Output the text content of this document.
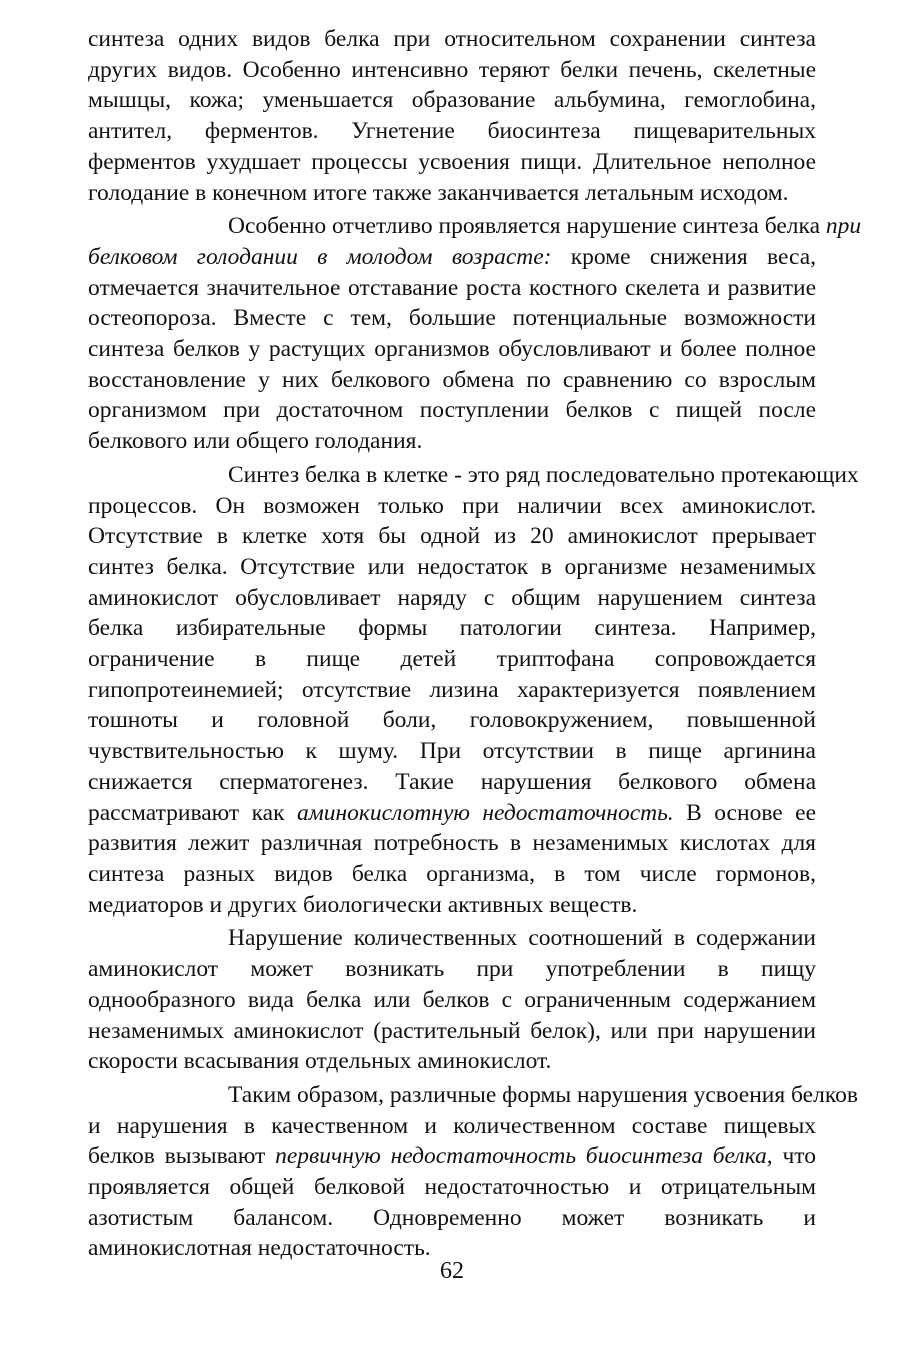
синтеза одних видов белка при относительном сохранении синтеза
других видов. Особенно интенсивно теряют белки печень, скелетные
мышцы, кожа; уменьшается образование альбумина, гемоглобина,
антител, ферментов. Угнетение биосинтеза пищеварительных
ферментов ухудшает процессы усвоения пищи. Длительное неполное
голодание в конечном итоге также заканчивается летальным исходом.
Особенно отчетливо проявляется нарушение синтеза белка при
белковом голодании в молодом возрасте: кроме снижения веса,
отмечается значительное отставание роста костного скелета и развитие
остеопороза. Вместе с тем, большие потенциальные возможности
синтеза белков у растущих организмов обусловливают и более полное
восстановление у них белкового обмена по сравнению со взрослым
организмом при достаточном поступлении белков с пищей после
белкового или общего голодания.
Синтез белка в клетке - это ряд последовательно протекающих
процессов. Он возможен только при наличии всех аминокислот.
Отсутствие в клетке хотя бы одной из 20 аминокислот прерывает
синтез белка. Отсутствие или недостаток в организме незаменимых
аминокислот обусловливает наряду с общим нарушением синтеза
белка избирательные формы патологии синтеза. Например,
ограничение в пище детей триптофана сопровождается
гипопротеинемией; отсутствие лизина характеризуется появлением
тошноты и головной боли, головокружением, повышенной
чувствительностью к шуму. При отсутствии в пище аргинина
снижается сперматогенез. Такие нарушения белкового обмена
рассматривают как аминокислотную недостаточность. В основе ее
развития лежит различная потребность в незаменимых кислотах для
синтеза разных видов белка организма, в том числе гормонов,
медиаторов и других биологически активных веществ.
Нарушение количественных соотношений в содержании
аминокислот может возникать при употреблении в пищу
однообразного вида белка или белков с ограниченным содержанием
незаменимых аминокислот (растительный белок), или при нарушении
скорости всасывания отдельных аминокислот.
Таким образом, различные формы нарушения усвоения белков
и нарушения в качественном и количественном составе пищевых
белков вызывают первичную недостаточность биосинтеза белка, что
проявляется общей белковой недостаточностью и отрицательным
азотистым балансом. Одновременно может возникать и
аминокислотная недостаточность.
62
